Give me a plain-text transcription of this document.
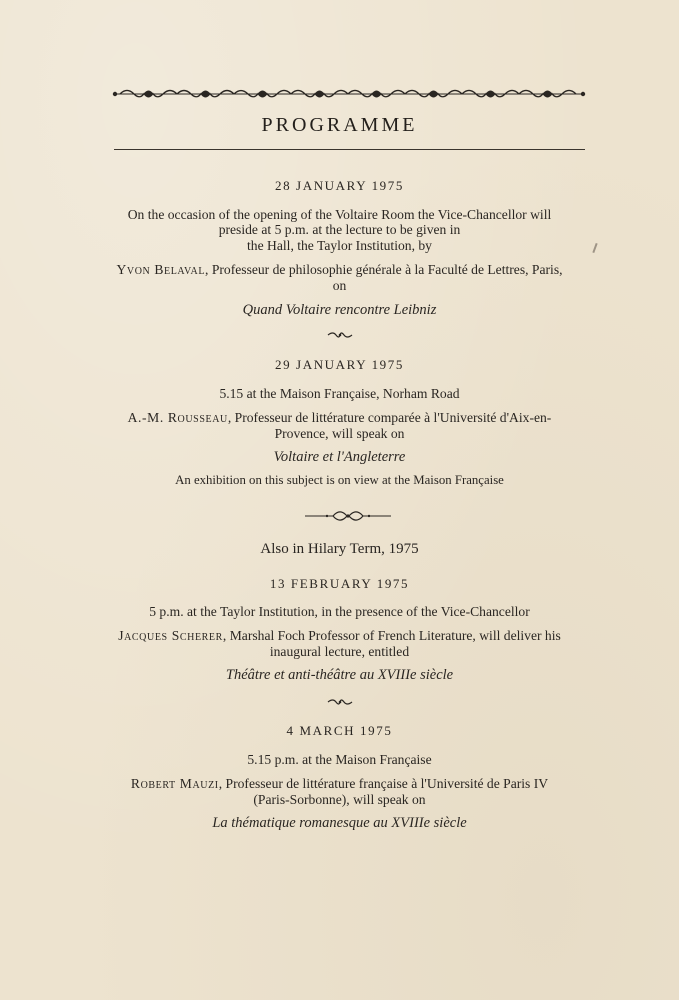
PROGRAMME
28 JANUARY 1975
On the occasion of the opening of the Voltaire Room the Vice-Chancellor will
preside at 5 p.m. at the lecture to be given in
the Hall, the Taylor Institution, by
Yvon Belaval, Professeur de philosophie générale à la Faculté de Lettres, Paris,
on
Quand Voltaire rencontre Leibniz
29 JANUARY 1975
5.15 at the Maison Française, Norham Road
A.-M. Rousseau, Professeur de littérature comparée à l'Université d'Aix-en-
Provence, will speak on
Voltaire et l'Angleterre
An exhibition on this subject is on view at the Maison Française
Also in Hilary Term, 1975
13 FEBRUARY 1975
5 p.m. at the Taylor Institution, in the presence of the Vice-Chancellor
Jacques Scherer, Marshal Foch Professor of French Literature, will deliver his
inaugural lecture, entitled
Théâtre et anti-théâtre au XVIIIe siècle
4 MARCH 1975
5.15 p.m. at the Maison Française
Robert Mauzi, Professeur de littérature française à l'Université de Paris IV
(Paris-Sorbonne), will speak on
La thématique romanesque au XVIIIe siècle
